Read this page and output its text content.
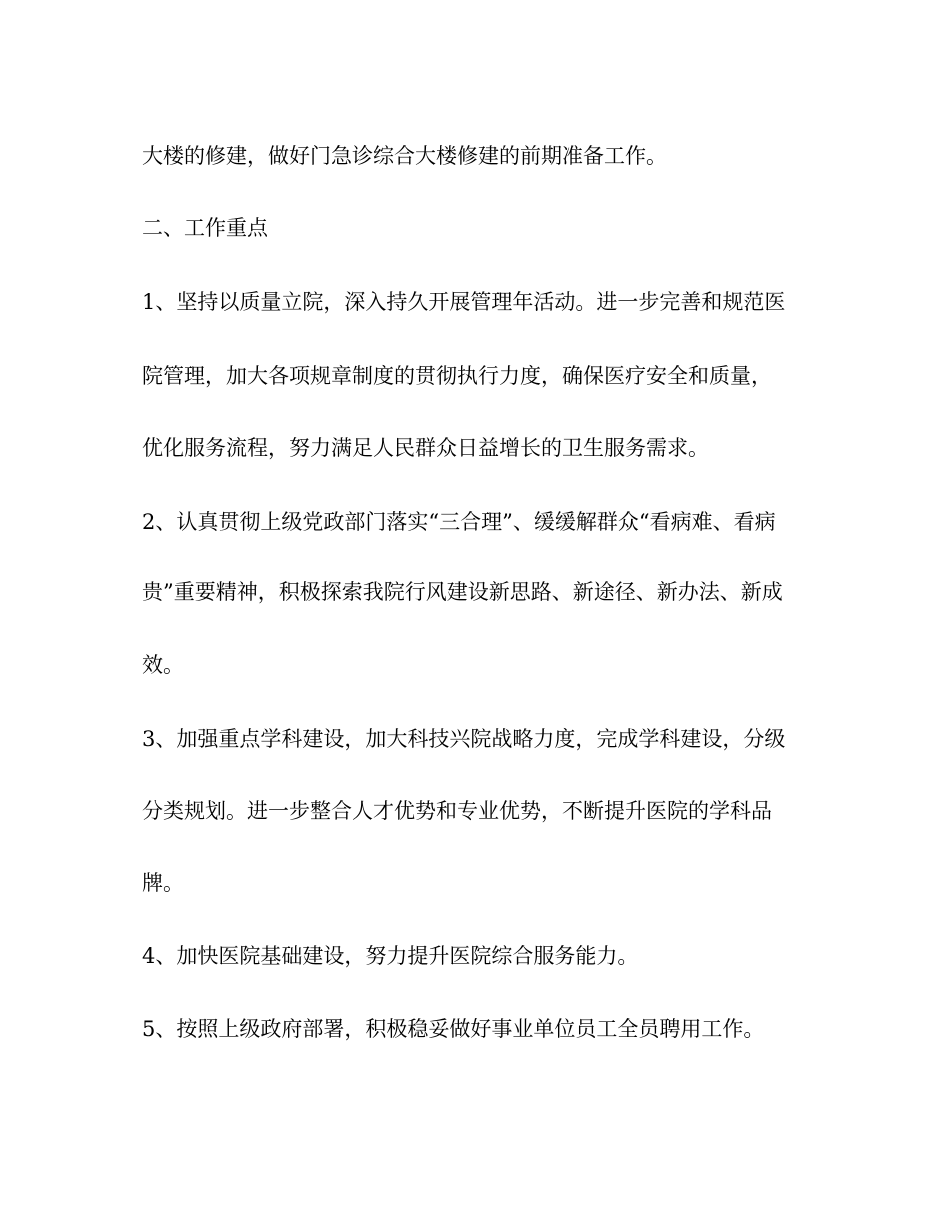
大楼的修建，做好门急诊综合大楼修建的前期准备工作。
二、工作重点
1、坚持以质量立院，深入持久开展管理年活动。进一步完善和规范医
院管理，加大各项规章制度的贯彻执行力度，确保医疗安全和质量，
优化服务流程，努力满足人民群众日益增长的卫生服务需求。
2、认真贯彻上级党政部门落实“三合理”、缓缓解群众“看病难、看病
贵”重要精神，积极探索我院行风建设新思路、新途径、新办法、新成
效。
3、加强重点学科建设，加大科技兴院战略力度，完成学科建设，分级
分类规划。进一步整合人才优势和专业优势，不断提升医院的学科品
牌。
4、加快医院基础建设，努力提升医院综合服务能力。
5、按照上级政府部署，积极稳妥做好事业单位员工全员聘用工作。
